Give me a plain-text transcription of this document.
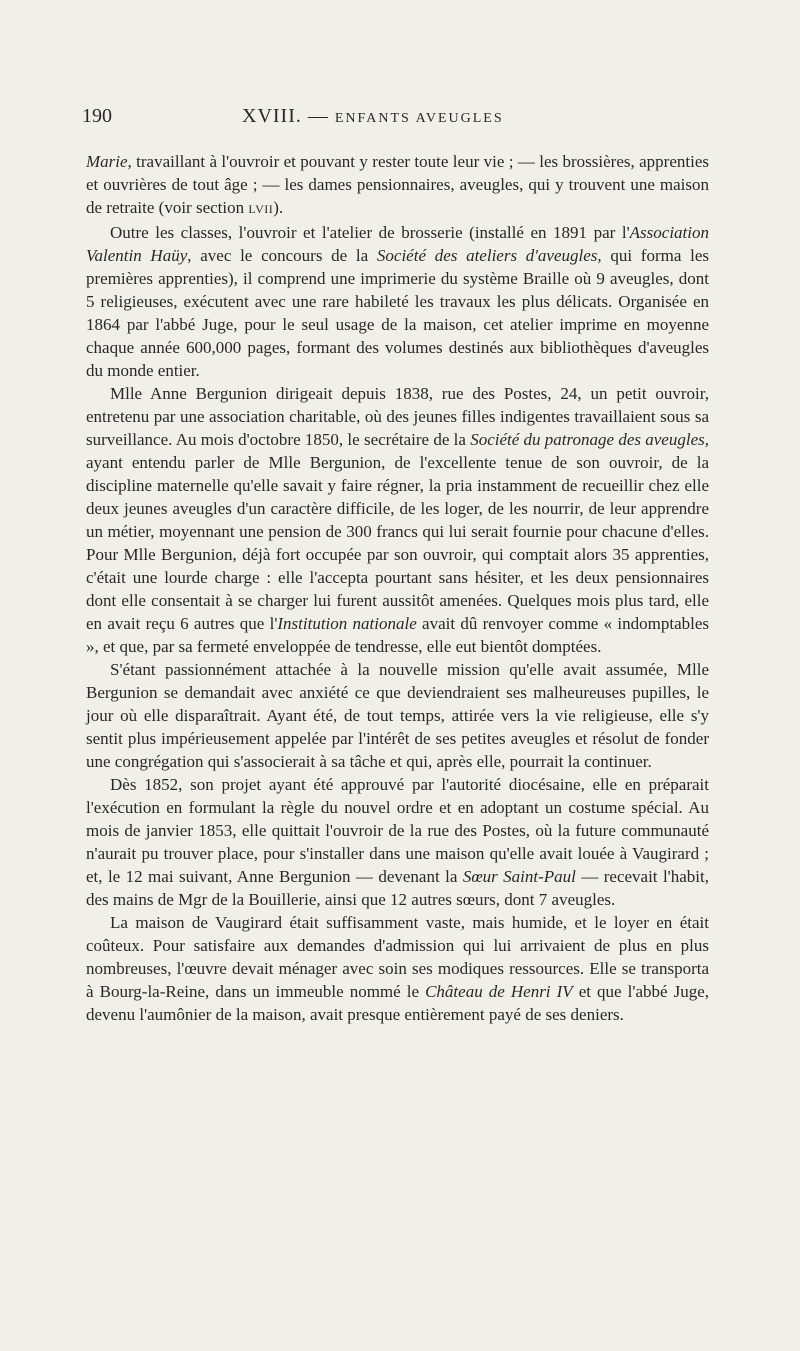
190	XVIII. — ENFANTS AVEUGLES

Marie, travaillant à l'ouvroir et pouvant y rester toute leur vie ; — les brossières, apprenties et ouvrières de tout âge ; — les dames pensionnaires, aveugles, qui y trouvent une maison de retraite (voir section LVII).

Outre les classes, l'ouvroir et l'atelier de brosserie (installé en 1891 par l'Association Valentin Haüy, avec le concours de la Société des ateliers d'aveugles, qui forma les premières apprenties), il comprend une imprimerie du système Braille où 9 aveugles, dont 5 religieuses, exécutent avec une rare habileté les travaux les plus délicats. Organisée en 1864 par l'abbé Juge, pour le seul usage de la maison, cet atelier imprime en moyenne chaque année 600,000 pages, formant des volumes destinés aux bibliothèques d'aveugles du monde entier.

Mlle Anne Bergunion dirigeait depuis 1838, rue des Postes, 24, un petit ouvroir, entretenu par une association charitable, où des jeunes filles indigentes travaillaient sous sa surveillance. Au mois d'octobre 1850, le secrétaire de la Société du patronage des aveugles, ayant entendu parler de Mlle Bergunion, de l'excellente tenue de son ouvroir, de la discipline maternelle qu'elle savait y faire régner, la pria instamment de recueillir chez elle deux jeunes aveugles d'un caractère difficile, de les loger, de les nourrir, de leur apprendre un métier, moyennant une pension de 300 francs qui lui serait fournie pour chacune d'elles. Pour Mlle Bergunion, déjà fort occupée par son ouvroir, qui comptait alors 35 apprenties, c'était une lourde charge : elle l'accepta pourtant sans hésiter, et les deux pensionnaires dont elle consentait à se charger lui furent aussitôt amenées. Quelques mois plus tard, elle en avait reçu 6 autres que l'Institution nationale avait dû renvoyer comme « indomptables », et que, par sa fermeté enveloppée de tendresse, elle eut bientôt domptées.

S'étant passionnément attachée à la nouvelle mission qu'elle avait assumée, Mlle Bergunion se demandait avec anxiété ce que deviendraient ses malheureuses pupilles, le jour où elle disparaîtrait. Ayant été, de tout temps, attirée vers la vie religieuse, elle s'y sentit plus impérieusement appelée par l'intérêt de ses petites aveugles et résolut de fonder une congrégation qui s'associerait à sa tâche et qui, après elle, pourrait la continuer.

Dès 1852, son projet ayant été approuvé par l'autorité diocésaine, elle en préparait l'exécution en formulant la règle du nouvel ordre et en adoptant un costume spécial. Au mois de janvier 1853, elle quittait l'ouvroir de la rue des Postes, où la future communauté n'aurait pu trouver place, pour s'installer dans une maison qu'elle avait louée à Vaugirard ; et, le 12 mai suivant, Anne Bergunion — devenant la Sœur Saint-Paul — recevait l'habit, des mains de Mgr de la Bouillerie, ainsi que 12 autres sœurs, dont 7 aveugles.

La maison de Vaugirard était suffisamment vaste, mais humide, et le loyer en était coûteux. Pour satisfaire aux demandes d'admission qui lui arrivaient de plus en plus nombreuses, l'œuvre devait ménager avec soin ses modiques ressources. Elle se transporta à Bourg-la-Reine, dans un immeuble nommé le Château de Henri IV et que l'abbé Juge, devenu l'aumônier de la maison, avait presque entièrement payé de ses deniers.
